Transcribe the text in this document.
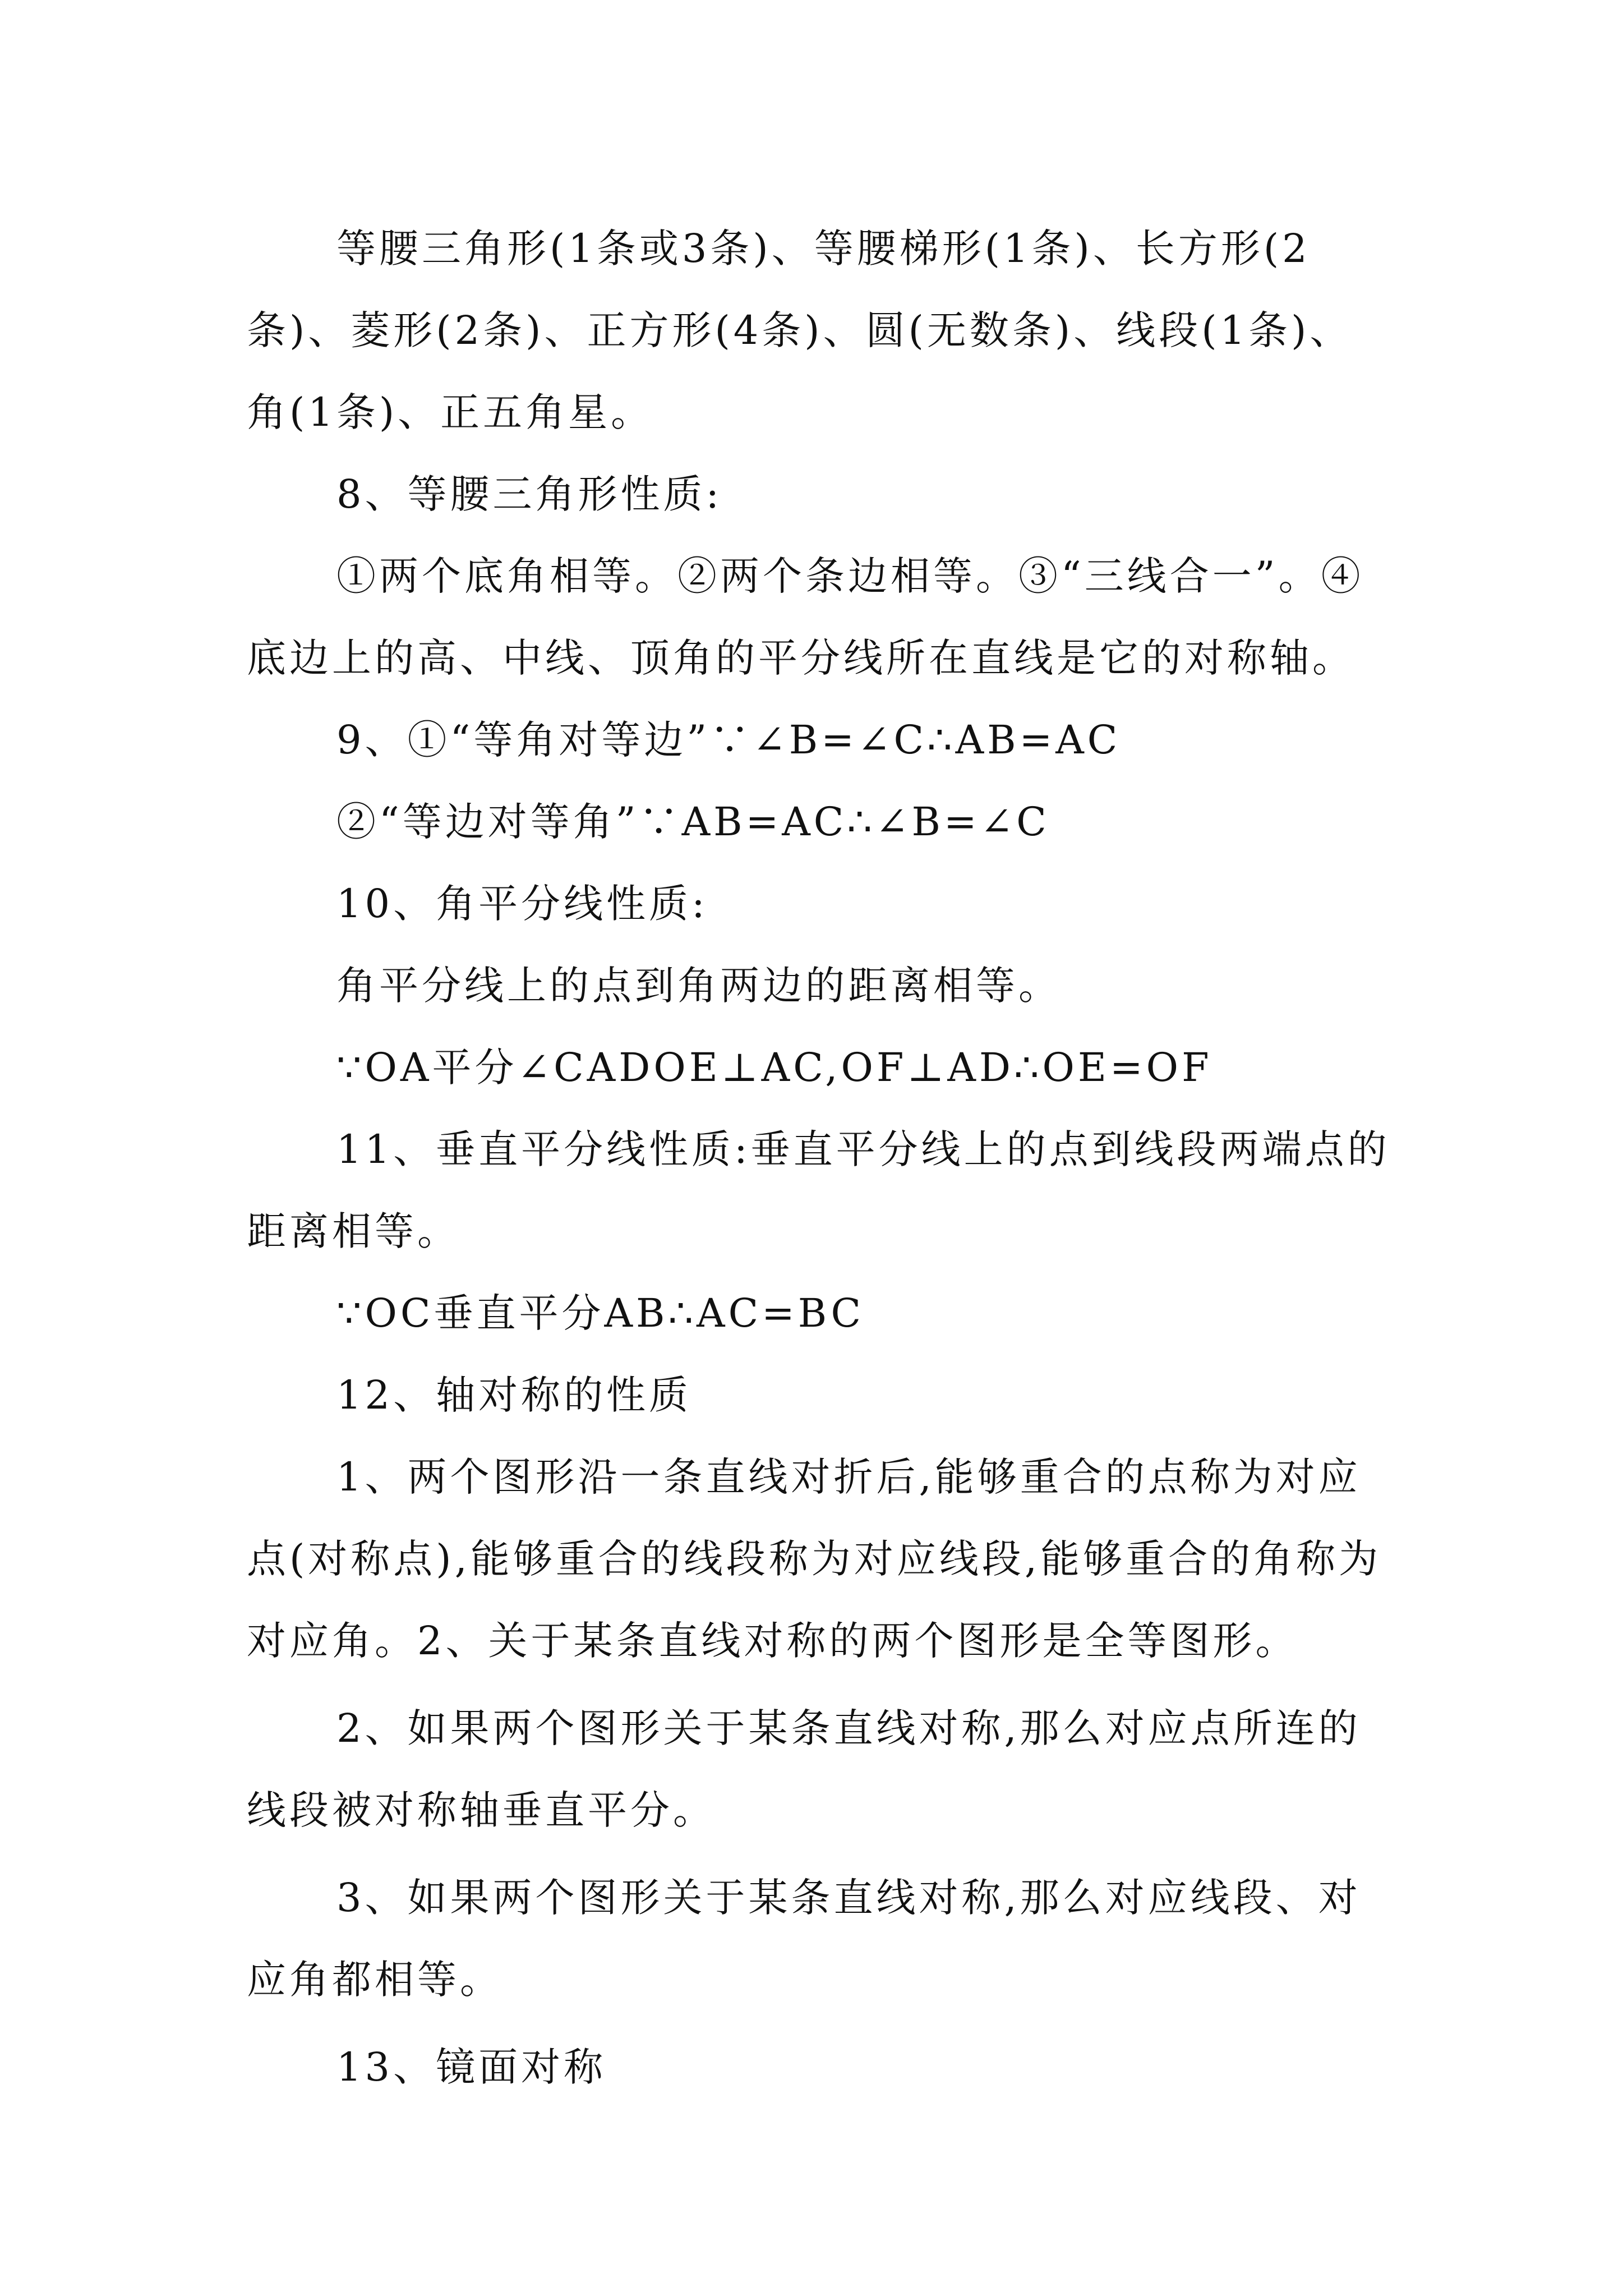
等腰三角形(1条或3条)、等腰梯形(1条)、长方形(2条)、菱形(2条)、正方形(4条)、圆(无数条)、线段(1条)、角(1条)、正五角星。

8、等腰三角形性质:

①两个底角相等。②两个条边相等。③“三线合一”。④底边上的高、中线、顶角的平分线所在直线是它的对称轴。

9、①“等角对等边”∵∠B=∠C∴AB=AC

②“等边对等角”∵AB=AC∴∠B=∠C

10、角平分线性质:

角平分线上的点到角两边的距离相等。

∵OA平分∠CADOE⊥AC,OF⊥AD∴OE=OF

11、垂直平分线性质:垂直平分线上的点到线段两端点的距离相等。

∵OC垂直平分AB∴AC=BC

12、轴对称的性质

1、两个图形沿一条直线对折后,能够重合的点称为对应点(对称点),能够重合的线段称为对应线段,能够重合的角称为对应角。2、关于某条直线对称的两个图形是全等图形。

2、如果两个图形关于某条直线对称,那么对应点所连的线段被对称轴垂直平分。

3、如果两个图形关于某条直线对称,那么对应线段、对应角都相等。

13、镜面对称
